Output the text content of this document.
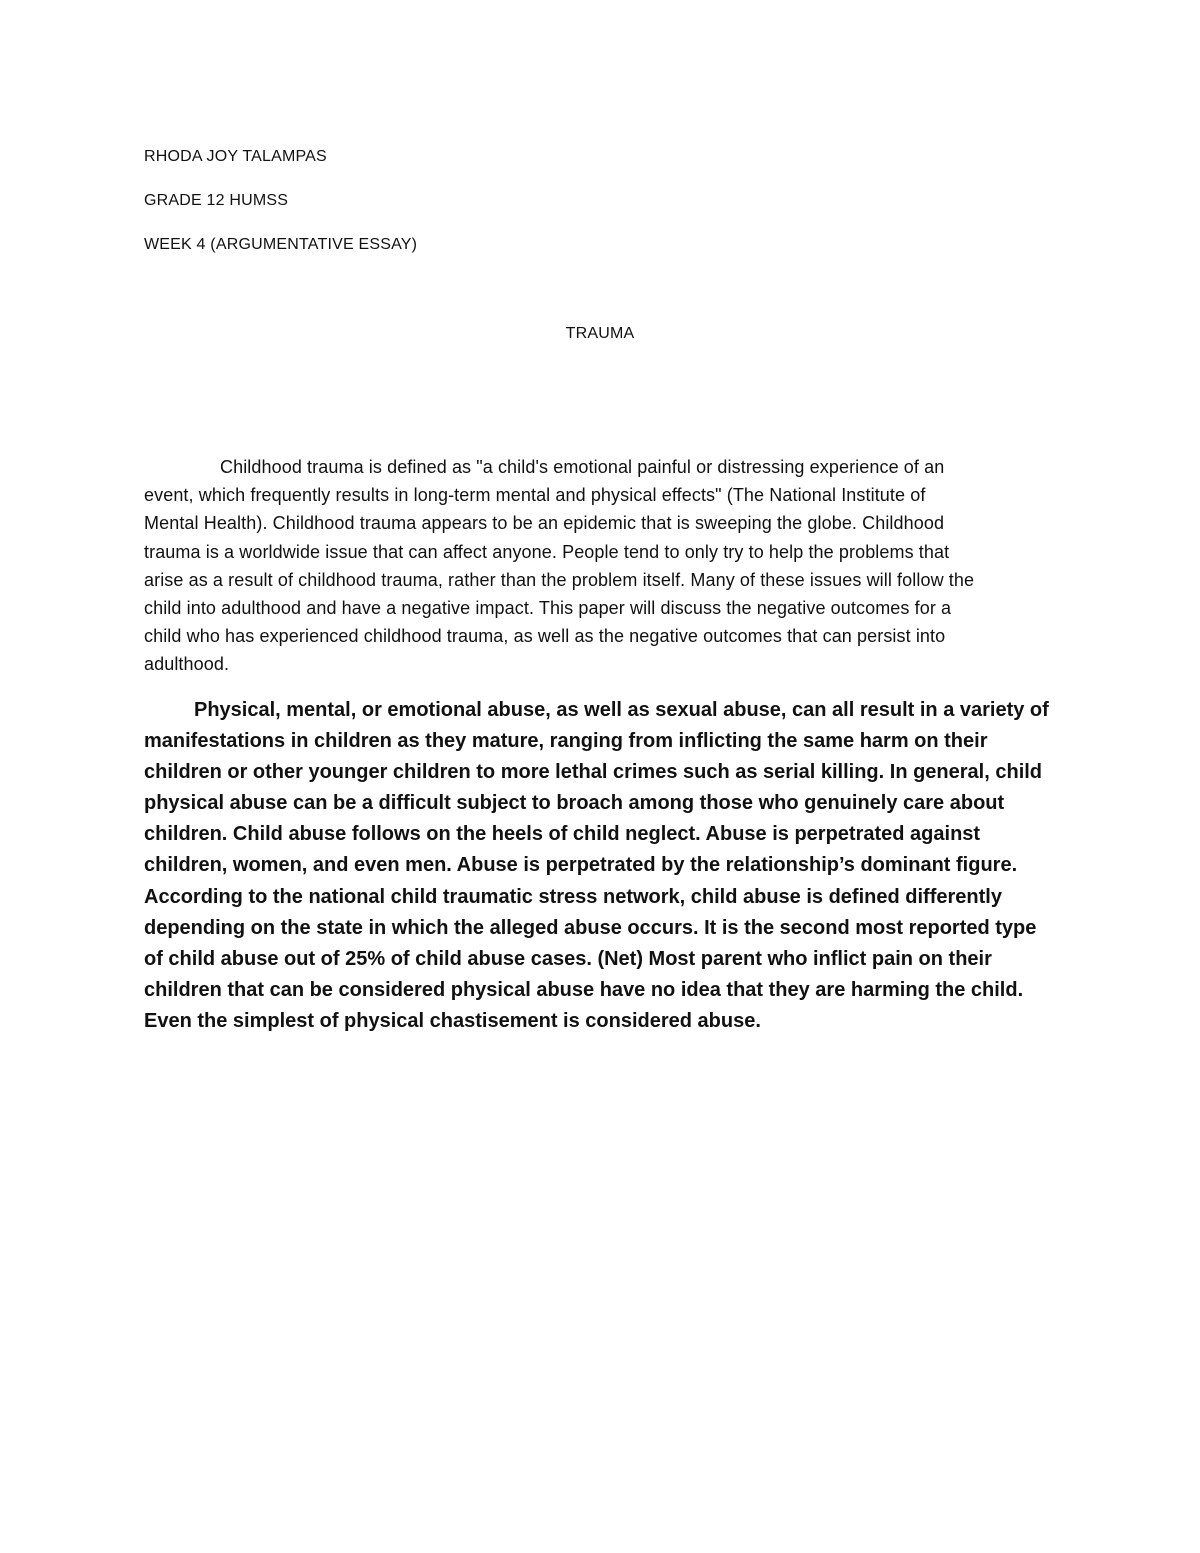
RHODA JOY TALAMPAS
GRADE 12 HUMSS
WEEK 4 (ARGUMENTATIVE ESSAY)
TRAUMA
Childhood trauma is defined as "a child's emotional painful or distressing experience of an
event, which frequently results in long-term mental and physical effects" (The National Institute of
Mental Health). Childhood trauma appears to be an epidemic that is sweeping the globe. Childhood
trauma is a worldwide issue that can affect anyone. People tend to only try to help the problems that
arise as a result of childhood trauma, rather than the problem itself. Many of these issues will follow the
child into adulthood and have a negative impact. This paper will discuss the negative outcomes for a
child who has experienced childhood trauma, as well as the negative outcomes that can persist into
adulthood.
Physical, mental, or emotional abuse, as well as sexual abuse, can all result in a variety of
manifestations in children as they mature, ranging from inflicting the same harm on their
children or other younger children to more lethal crimes such as serial killing. In general, child
physical abuse can be a difficult subject to broach among those who genuinely care about
children. Child abuse follows on the heels of child neglect. Abuse is perpetrated against
children, women, and even men. Abuse is perpetrated by the relationship’s dominant figure.
According to the national child traumatic stress network, child abuse is defined differently
depending on the state in which the alleged abuse occurs. It is the second most reported type
of child abuse out of 25% of child abuse cases. (Net) Most parent who inflict pain on their
children that can be considered physical abuse have no idea that they are harming the child.
Even the simplest of physical chastisement is considered abuse.
